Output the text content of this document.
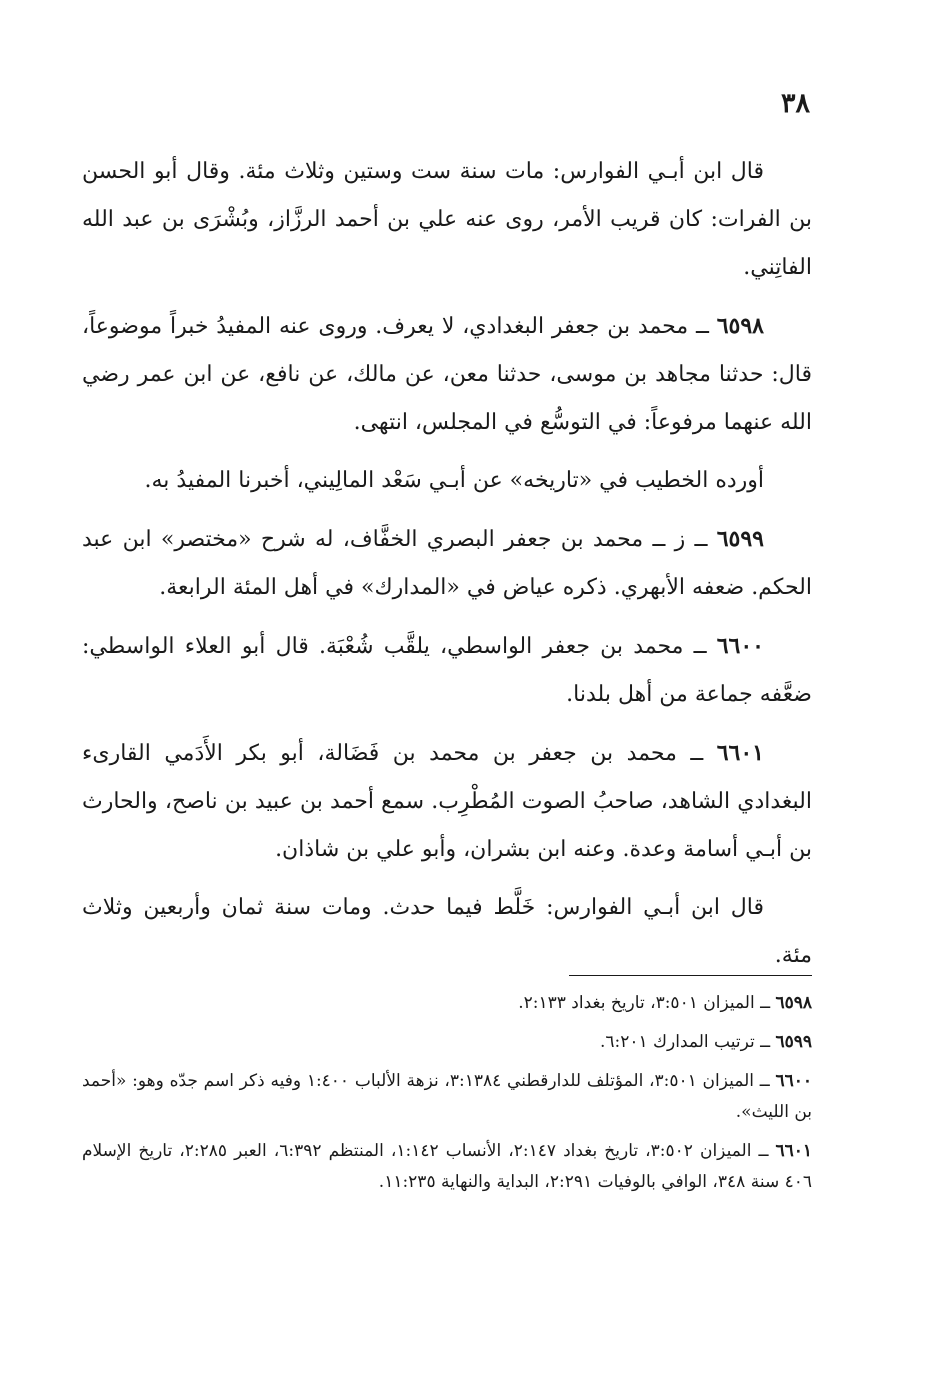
٣٨

قال ابن أبـي الفوارس: مات سنة ست وستين وثلاث مئة. وقال أبو الحسن بن الفرات: كان قريب الأمر، روى عنه علي بن أحمد الرزَّاز، وبُشْرَى بن عبد الله الفاتِني.

٦٥٩٨ ــ محمد بن جعفر البغدادي، لا يعرف. وروى عنه المفيدُ خبراً موضوعاً، قال: حدثنا مجاهد بن موسى، حدثنا معن، عن مالك، عن نافع، عن ابن عمر رضي الله عنهما مرفوعاً: في التوسُّع في المجلس، انتهى.

أورده الخطيب في «تاريخه» عن أبـي سَعْد المالِيني، أخبرنا المفيدُ به.

٦٥٩٩ ــ ز ــ محمد بن جعفر البصري الخفَّاف، له شرح «مختصر» ابن عبد الحكم. ضعفه الأبهري. ذكره عياض في «المدارك» في أهل المئة الرابعة.

٦٦٠٠ ــ محمد بن جعفر الواسطي، يلقَّب شُعْبَة. قال أبو العلاء الواسطي: ضعَّفه جماعة من أهل بلدنا.

٦٦٠١ ــ محمد بن جعفر بن محمد بن فَضَالة، أبو بكر الأَدَمي القارىء البغدادي الشاهد، صاحبُ الصوت المُطْرِب. سمع أحمد بن عبيد بن ناصح، والحارث بن أبـي أسامة وعدة. وعنه ابن بشران، وأبو علي بن شاذان.

قال ابن أبـي الفوارس: خَلَّط فيما حدث. ومات سنة ثمان وأربعين وثلاث مئة.

٦٥٩٨ ــ الميزان ٣:٥٠١، تاريخ بغداد ٢:١٣٣.

٦٥٩٩ ــ ترتيب المدارك ٦:٢٠١.

٦٦٠٠ ــ الميزان ٣:٥٠١، المؤتلف للدارقطني ٣:١٣٨٤، نزهة الألباب ١:٤٠٠ وفيه ذكر اسم جدّه وهو: «أحمد بن الليث».

٦٦٠١ ــ الميزان ٣:٥٠٢، تاريخ بغداد ٢:١٤٧، الأنساب ١:١٤٢، المنتظم ٦:٣٩٢، العبر ٢:٢٨٥، تاريخ الإسلام ٤٠٦ سنة ٣٤٨، الوافي بالوفيات ٢:٢٩١، البداية والنهاية ١١:٢٣٥.
